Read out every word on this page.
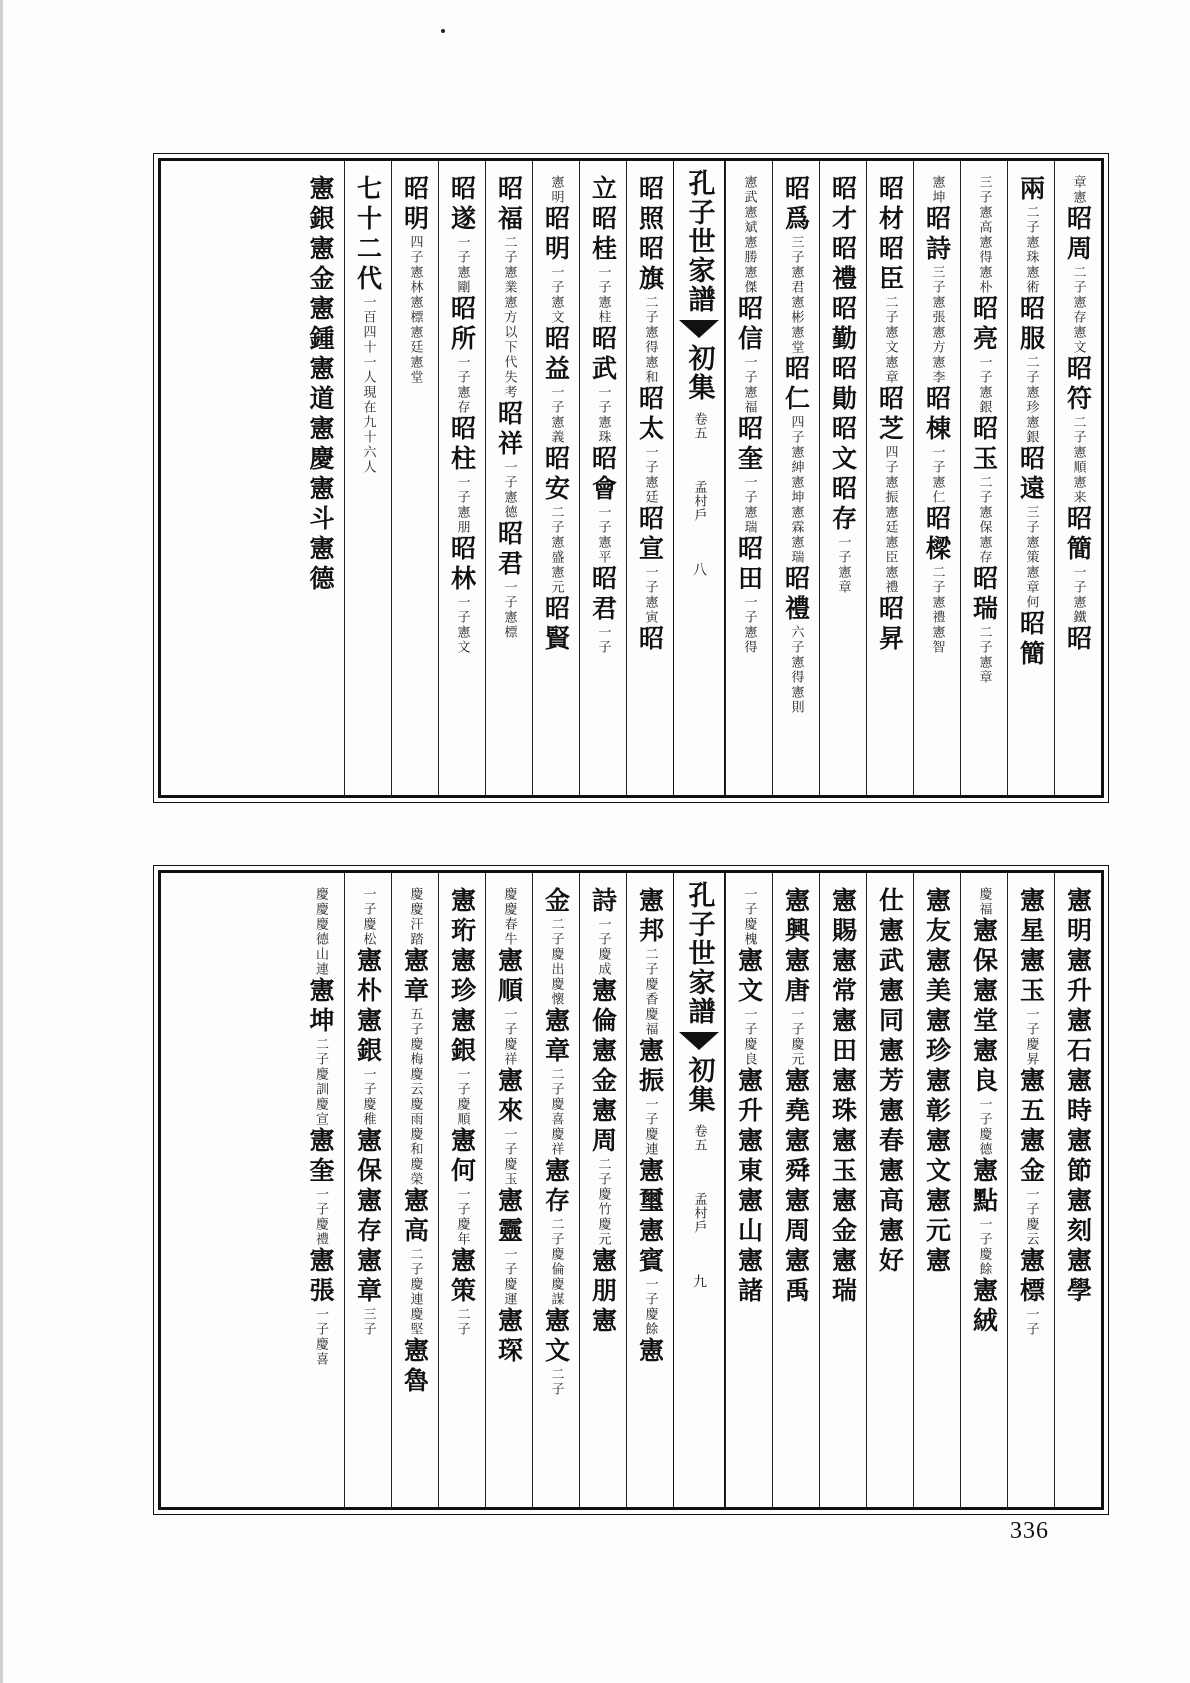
章憲
昭周
二子憲存憲文
昭符
二子憲順憲来
昭簡
一子憲鐵
昭
兩
二子憲珠憲術
昭服
二子憲珍憲銀
昭遠
三子憲策憲章何
昭簡
三子憲高憲得憲朴
昭亮
一子憲銀
昭玉
二子憲保憲存
昭瑞
二子憲章
憲坤
昭詩
三子憲張憲方憲李
昭棟
一子憲仁
昭樑
二子憲禮憲智
昭材
昭臣
二子憲文憲章
昭芝
四子憲振憲廷憲臣憲禮
昭昇
昭才
昭禮
昭勤
昭勛
昭文
昭存
一子憲章
昭爲
三子憲君憲彬憲堂
昭仁
四子憲紳憲坤憲霖憲瑞
昭禮
六子憲得憲則
憲武憲斌憲勝憲傑
昭信
一子憲福
昭奎
一子憲瑞
昭田
一子憲得
孔子世家譜
初集
卷五
孟村戶
八
昭照
昭旗
二子憲得憲和
昭太
一子憲廷
昭宣
一子憲寅
昭
立
昭桂
一子憲柱
昭武
一子憲珠
昭會
一子憲平
昭君
一子
憲明
昭明
一子憲文
昭益
一子憲義
昭安
二子憲盛憲元
昭賢
昭福
二子憲業憲方以下代失考
昭祥
一子憲德
昭君
一子憲標
昭遂
一子憲剛
昭所
一子憲存
昭柱
一子憲朋
昭林
一子憲文
昭明
四子憲林憲標憲廷憲堂
七十二代
一百四十一人現在九十六人
憲銀
憲金
憲鍾
憲道
憲慶
憲斗
憲德
憲明
憲升
憲石
憲時
憲節
憲刻
憲學
憲星
憲玉
一子慶昇
憲五
憲金
一子慶云
憲標
一子
慶福
憲保
憲堂
憲良
一子慶德
憲點
一子慶餘
憲絨
憲友
憲美
憲珍
憲彰
憲文
憲元
憲
仕
憲武
憲同
憲芳
憲春
憲高
憲好
憲賜
憲常
憲田
憲珠
憲玉
憲金
憲瑞
憲興
憲唐
一子慶元
憲堯
憲舜
憲周
憲禹
一子慶槐
憲文
一子慶良
憲升
憲東
憲山
憲諸
孔子世家譜
初集
卷五
孟村戶
九
憲邦
二子慶香慶福
憲振
一子慶連
憲璽
憲賓
一子慶餘
憲
詩
一子慶成
憲倫
憲金
憲周
二子慶竹慶元
憲朋
憲
金
二子慶出慶懷
憲章
二子慶喜慶祥
憲存
二子慶倫慶謀
憲文
二子
慶慶春牛
憲順
一子慶祥
憲來
一子慶玉
憲靈
一子慶運
憲琛
憲珩
憲珍
憲銀
一子慶順
憲何
一子慶年
憲策
二子
慶慶汗踏
憲章
五子慶梅慶云慶雨慶和慶榮
憲高
二子慶連慶堅
憲魯
一子慶松
憲朴
憲銀
一子慶稚
憲保
憲存
憲章
三子
慶慶慶德山連
憲坤
二子慶訓慶宣
憲奎
一子慶禮
憲張
一子慶喜
336
